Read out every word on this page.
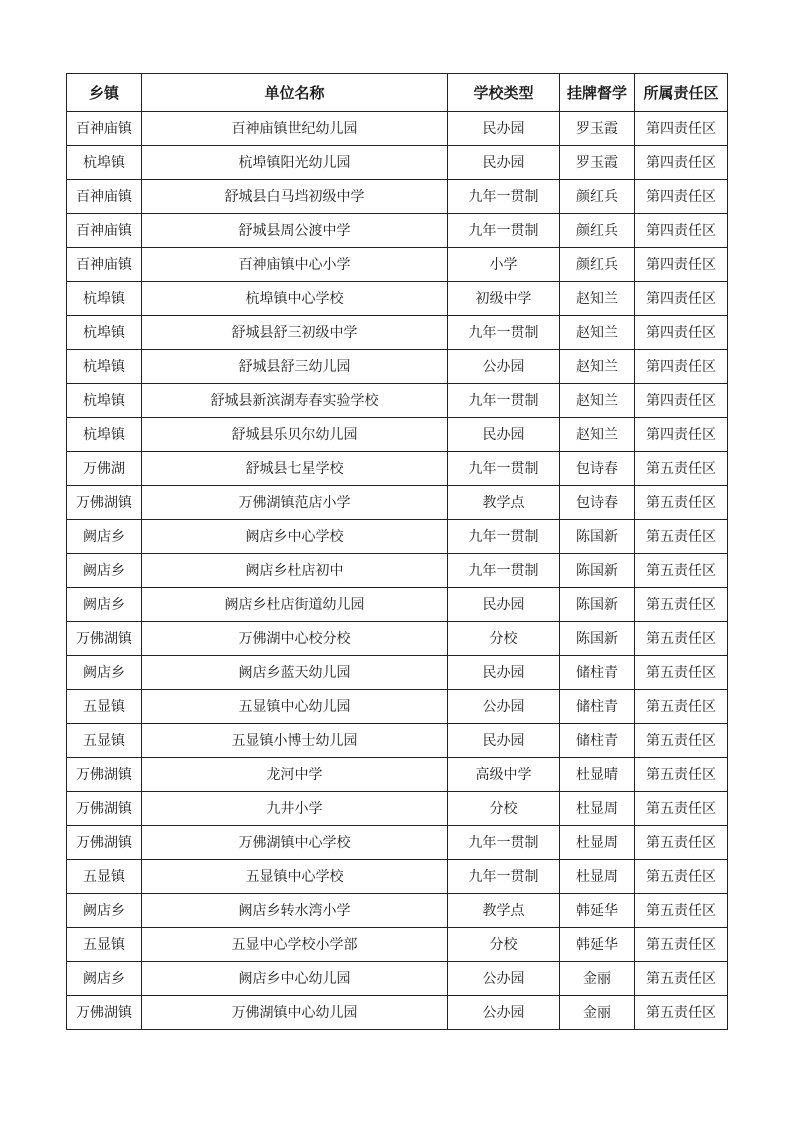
乡镇	单位名称	学校类型	挂牌督学	所属责任区
百神庙镇	百神庙镇世纪幼儿园	民办园	罗玉霞	第四责任区
杭埠镇	杭埠镇阳光幼儿园	民办园	罗玉霞	第四责任区
百神庙镇	舒城县白马垱初级中学	九年一贯制	颜红兵	第四责任区
百神庙镇	舒城县周公渡中学	九年一贯制	颜红兵	第四责任区
百神庙镇	百神庙镇中心小学	小学	颜红兵	第四责任区
杭埠镇	杭埠镇中心学校	初级中学	赵知兰	第四责任区
杭埠镇	舒城县舒三初级中学	九年一贯制	赵知兰	第四责任区
杭埠镇	舒城县舒三幼儿园	公办园	赵知兰	第四责任区
杭埠镇	舒城县新滨湖寿春实验学校	九年一贯制	赵知兰	第四责任区
杭埠镇	舒城县乐贝尔幼儿园	民办园	赵知兰	第四责任区
万佛湖	舒城县七星学校	九年一贯制	包诗春	第五责任区
万佛湖镇	万佛湖镇范店小学	教学点	包诗春	第五责任区
阙店乡	阙店乡中心学校	九年一贯制	陈国新	第五责任区
阙店乡	阙店乡杜店初中	九年一贯制	陈国新	第五责任区
阙店乡	阙店乡杜店街道幼儿园	民办园	陈国新	第五责任区
万佛湖镇	万佛湖中心校分校	分校	陈国新	第五责任区
阙店乡	阙店乡蓝天幼儿园	民办园	储柱青	第五责任区
五显镇	五显镇中心幼儿园	公办园	储柱青	第五责任区
五显镇	五显镇小博士幼儿园	民办园	储柱青	第五责任区
万佛湖镇	龙河中学	高级中学	杜显晴	第五责任区
万佛湖镇	九井小学	分校	杜显周	第五责任区
万佛湖镇	万佛湖镇中心学校	九年一贯制	杜显周	第五责任区
五显镇	五显镇中心学校	九年一贯制	杜显周	第五责任区
阙店乡	阙店乡转水湾小学	教学点	韩延华	第五责任区
五显镇	五显中心学校小学部	分校	韩延华	第五责任区
阙店乡	阙店乡中心幼儿园	公办园	金丽	第五责任区
万佛湖镇	万佛湖镇中心幼儿园	公办园	金丽	第五责任区
